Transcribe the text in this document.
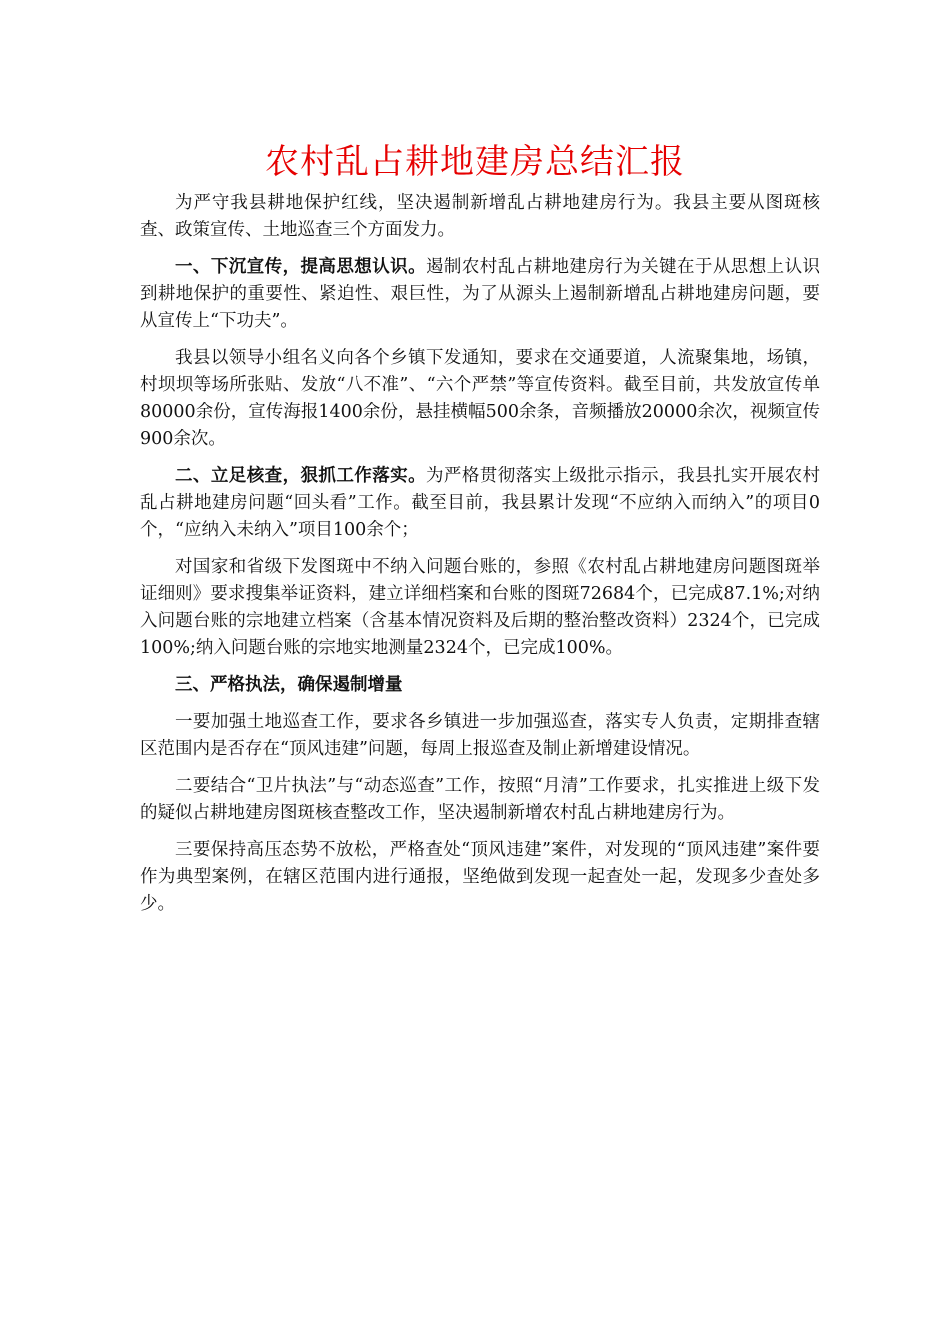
农村乱占耕地建房总结汇报

为严守我县耕地保护红线，坚决遏制新增乱占耕地建房行为。我县主要从图斑核查、政策宣传、土地巡查三个方面发力。

一、下沉宣传，提高思想认识。遏制农村乱占耕地建房行为关键在于从思想上认识到耕地保护的重要性、紧迫性、艰巨性，为了从源头上遏制新增乱占耕地建房问题，要从宣传上“下功夫”。

我县以领导小组名义向各个乡镇下发通知，要求在交通要道，人流聚集地，场镇，村坝坝等场所张贴、发放“八不准”、“六个严禁”等宣传资料。截至目前，共发放宣传单80000余份，宣传海报1400余份，悬挂横幅500余条，音频播放20000余次，视频宣传900余次。

二、立足核查，狠抓工作落实。为严格贯彻落实上级批示指示，我县扎实开展农村乱占耕地建房问题“回头看”工作。截至目前，我县累计发现“不应纳入而纳入”的项目0个，“应纳入未纳入”项目100余个；

对国家和省级下发图斑中不纳入问题台账的，参照《农村乱占耕地建房问题图斑举证细则》要求搜集举证资料，建立详细档案和台账的图斑72684个，已完成87.1%;对纳入问题台账的宗地建立档案（含基本情况资料及后期的整治整改资料）2324个，已完成100%;纳入问题台账的宗地实地测量2324个，已完成100%。

三、严格执法，确保遏制增量

一要加强土地巡查工作，要求各乡镇进一步加强巡查，落实专人负责，定期排查辖区范围内是否存在“顶风违建”问题，每周上报巡查及制止新增建设情况。

二要结合“卫片执法”与“动态巡查”工作，按照“月清”工作要求，扎实推进上级下发的疑似占耕地建房图斑核查整改工作，坚决遏制新增农村乱占耕地建房行为。

三要保持高压态势不放松，严格查处“顶风违建”案件，对发现的“顶风违建”案件要作为典型案例，在辖区范围内进行通报，坚绝做到发现一起查处一起，发现多少查处多少。
